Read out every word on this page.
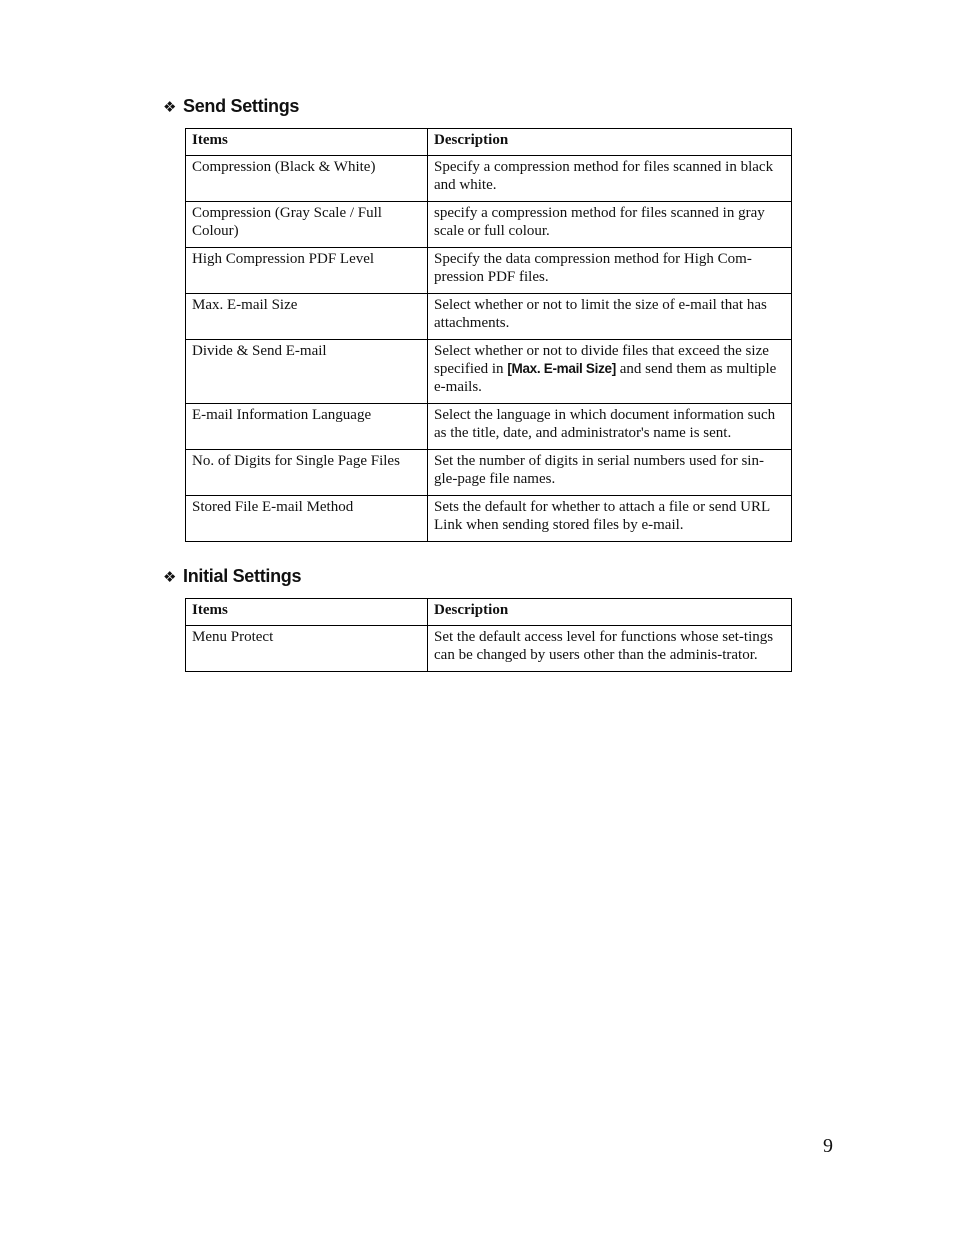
❖ Send Settings
Items	Description
Compression (Black & White)	Specify a compression method for files scanned in black and white.
Compression (Gray Scale / Full Colour)	specify a compression method for files scanned in gray scale or full colour.
High Compression PDF Level	Specify the data compression method for High Com-pression PDF files.
Max. E-mail Size	Select whether or not to limit the size of e-mail that has attachments.
Divide & Send E-mail	Select whether or not to divide files that exceed the size specified in [Max. E-mail Size] and send them as multiple e-mails.
E-mail Information Language	Select the language in which document information such as the title, date, and administrator's name is sent.
No. of Digits for Single Page Files	Set the number of digits in serial numbers used for sin-gle-page file names.
Stored File E-mail Method	Sets the default for whether to attach a file or send URL Link when sending stored files by e-mail.
❖ Initial Settings
Items	Description
Menu Protect	Set the default access level for functions whose set-tings can be changed by users other than the adminis-trator.
9
